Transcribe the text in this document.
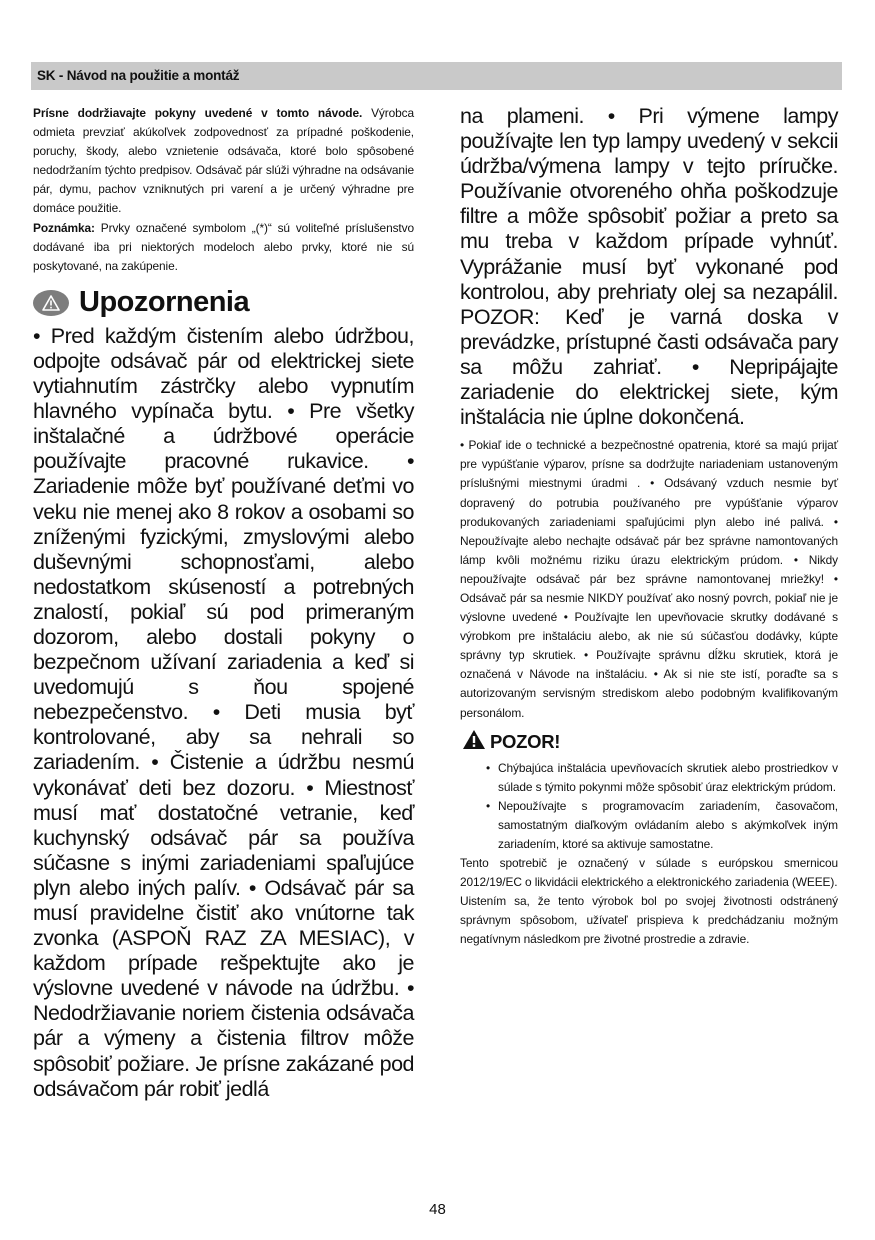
SK - Návod na použitie a montáž

Prísne dodržiavajte pokyny uvedené v tomto návode. Výrobca odmieta prevziať akúkoľvek zodpovednosť za prípadné poškodenie, poruchy, škody, alebo vznietenie odsávača, ktoré bolo spôsobené nedodržaním týchto predpisov. Odsávač pár slúži výhradne na odsávanie pár, dymu, pachov vzniknutých pri varení a je určený výhradne pre domáce použitie.

Poznámka: Prvky označené symbolom „(*)“ sú voliteľné príslušenstvo dodávané iba pri niektorých modeloch alebo prvky, ktoré nie sú poskytované, na zakúpenie.

Upozornenia

• Pred každým čistením alebo údržbou, odpojte odsávač pár od elektrickej siete vytiahnutím zástrčky alebo vypnutím hlavného vypínača bytu. • Pre všetky inštalačné a údržbové operácie používajte pracovné rukavice. • Zariadenie môže byť používané deťmi vo veku nie menej ako 8 rokov a osobami so zníženými fyzickými, zmyslovými alebo duševnými schopnosťami, alebo nedostatkom skúseností a potrebných znalostí, pokiaľ sú pod primeraným dozorom, alebo dostali pokyny o bezpečnom užívaní zariadenia a keď si uvedomujú s ňou spojené nebezpečenstvo. • Deti musia byť kontrolované, aby sa nehrali so zariadením. • Čistenie a údržbu nesmú vykonávať deti bez dozoru. • Miestnosť musí mať dostatočné vetranie, keď kuchynský odsávač pár sa používa súčasne s inými zariadeniami spaľujúce plyn alebo iných palív. • Odsávač pár sa musí pravidelne čistiť ako vnútorne tak zvonka (ASPOŇ RAZ ZA MESIAC), v každom prípade rešpektujte ako je výslovne uvedené v návode na údržbu. • Nedodržiavanie noriem čistenia odsávača pár a výmeny a čistenia filtrov môže spôsobiť požiare. Je prísne zakázané pod odsávačom pár robiť jedlá

na plameni. • Pri výmene lampy používajte len typ lampy uvedený v sekcii údržba/výmena lampy v tejto príručke. Používanie otvoreného ohňa poškodzuje filtre a môže spôsobiť požiar a preto sa mu treba v každom prípade vyhnúť. Vyprážanie musí byť vykonané pod kontrolou, aby prehriaty olej sa nezapálil. POZOR: Keď je varná doska v prevádzke, prístupné časti odsávača pary sa môžu zahriať. • Nepripájajte zariadenie do elektrickej siete, kým inštalácia nie úplne dokončená.

• Pokiaľ ide o technické a bezpečnostné opatrenia, ktoré sa majú prijať pre vypúšťanie výparov, prísne sa dodržujte nariadeniam ustanoveným príslušnými miestnymi úradmi . • Odsávaný vzduch nesmie byť dopravený do potrubia používaného pre vypúšťanie výparov produkovaných zariadeniami spaľujúcimi plyn alebo iné palivá. • Nepoužívajte alebo nechajte odsávač pár bez správne namontovaných lámp kvôli možnému riziku úrazu elektrickým prúdom. • Nikdy nepoužívajte odsávač pár bez správne namontovanej mriežky! • Odsávač pár sa nesmie NIKDY používať ako nosný povrch, pokiaľ nie je výslovne uvedené • Používajte len upevňovacie skrutky dodávané s výrobkom pre inštaláciu alebo, ak nie sú súčasťou dodávky, kúpte správny typ skrutiek. • Používajte správnu dĺžku skrutiek, ktorá je označená v Návode na inštaláciu. • Ak si nie ste istí, poraďte sa s autorizovaným servisným strediskom alebo podobným kvalifikovaným personálom.

POZOR!
• Chýbajúca inštalácia upevňovacích skrutiek alebo prostriedkov v súlade s týmito pokynmi môže spôsobiť úraz elektrickým prúdom.
• Nepoužívajte s programovacím zariadením, časovačom, samostatným diaľkovým ovládaním alebo s akýmkoľvek iným zariadením, ktoré sa aktivuje samostatne.

Tento spotrebič je označený v súlade s európskou smernicou 2012/19/EC o likvidácii elektrického a elektronického zariadenia (WEEE).

Uistením sa, že tento výrobok bol po svojej životnosti odstránený správnym spôsobom, užívateľ prispieva k predchádzaniu možným negatívnym následkom pre životné prostredie a zdravie.

48
